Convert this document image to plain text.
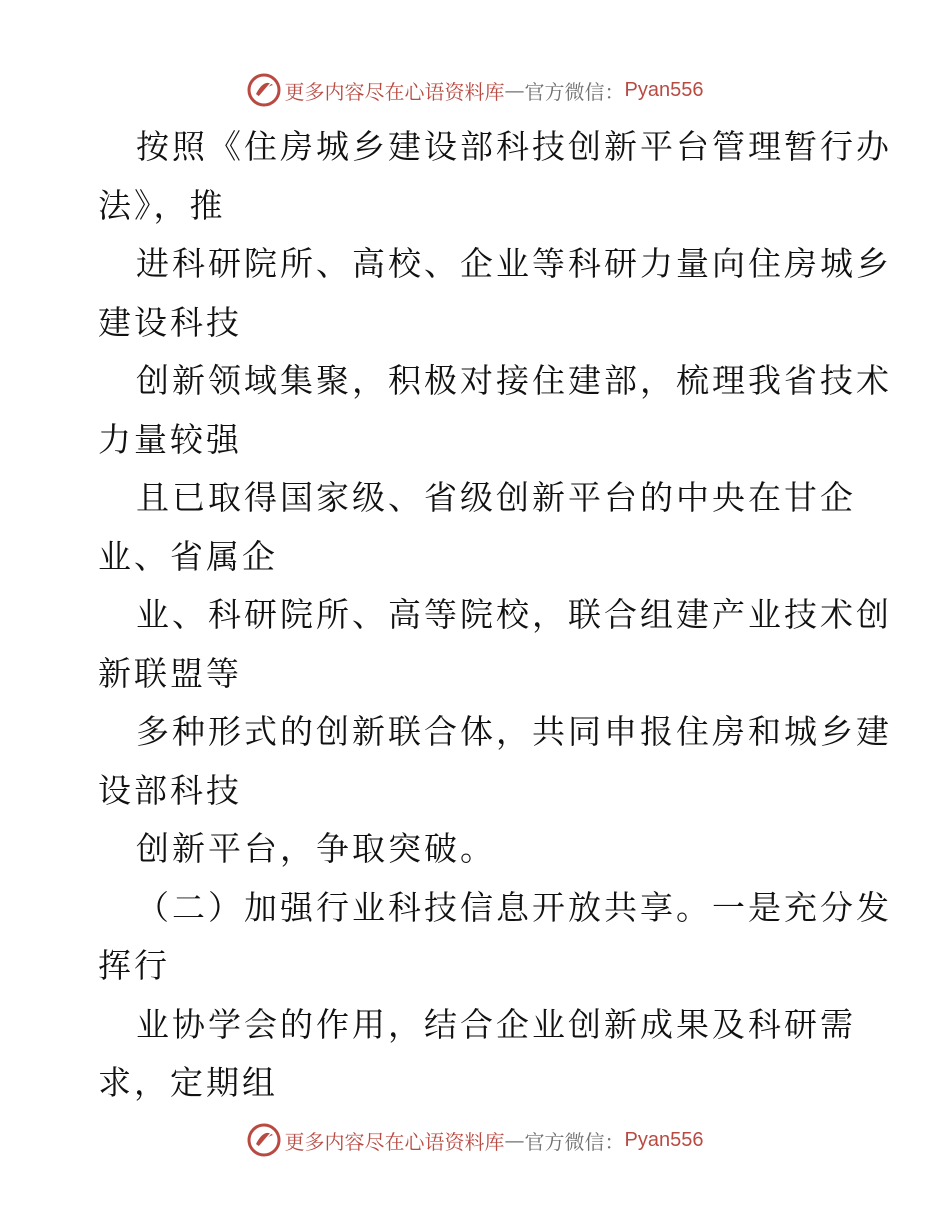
更多内容尽在心语资料库 — 官方微信： Pyan556
按照《住房城乡建设部科技创新平台管理暂行办
法》，推
进科研院所、高校、企业等科研力量向住房城乡
建设科技
创新领域集聚，积极对接住建部，梳理我省技术
力量较强
且已取得国家级、省级创新平台的中央在甘企
业、省属企
业、科研院所、高等院校，联合组建产业技术创
新联盟等
多种形式的创新联合体，共同申报住房和城乡建
设部科技
创新平台，争取突破。
（二）加强行业科技信息开放共享。一是充分发
挥行
业协学会的作用，结合企业创新成果及科研需
求，定期组
更多内容尽在心语资料库 — 官方微信： Pyan556
